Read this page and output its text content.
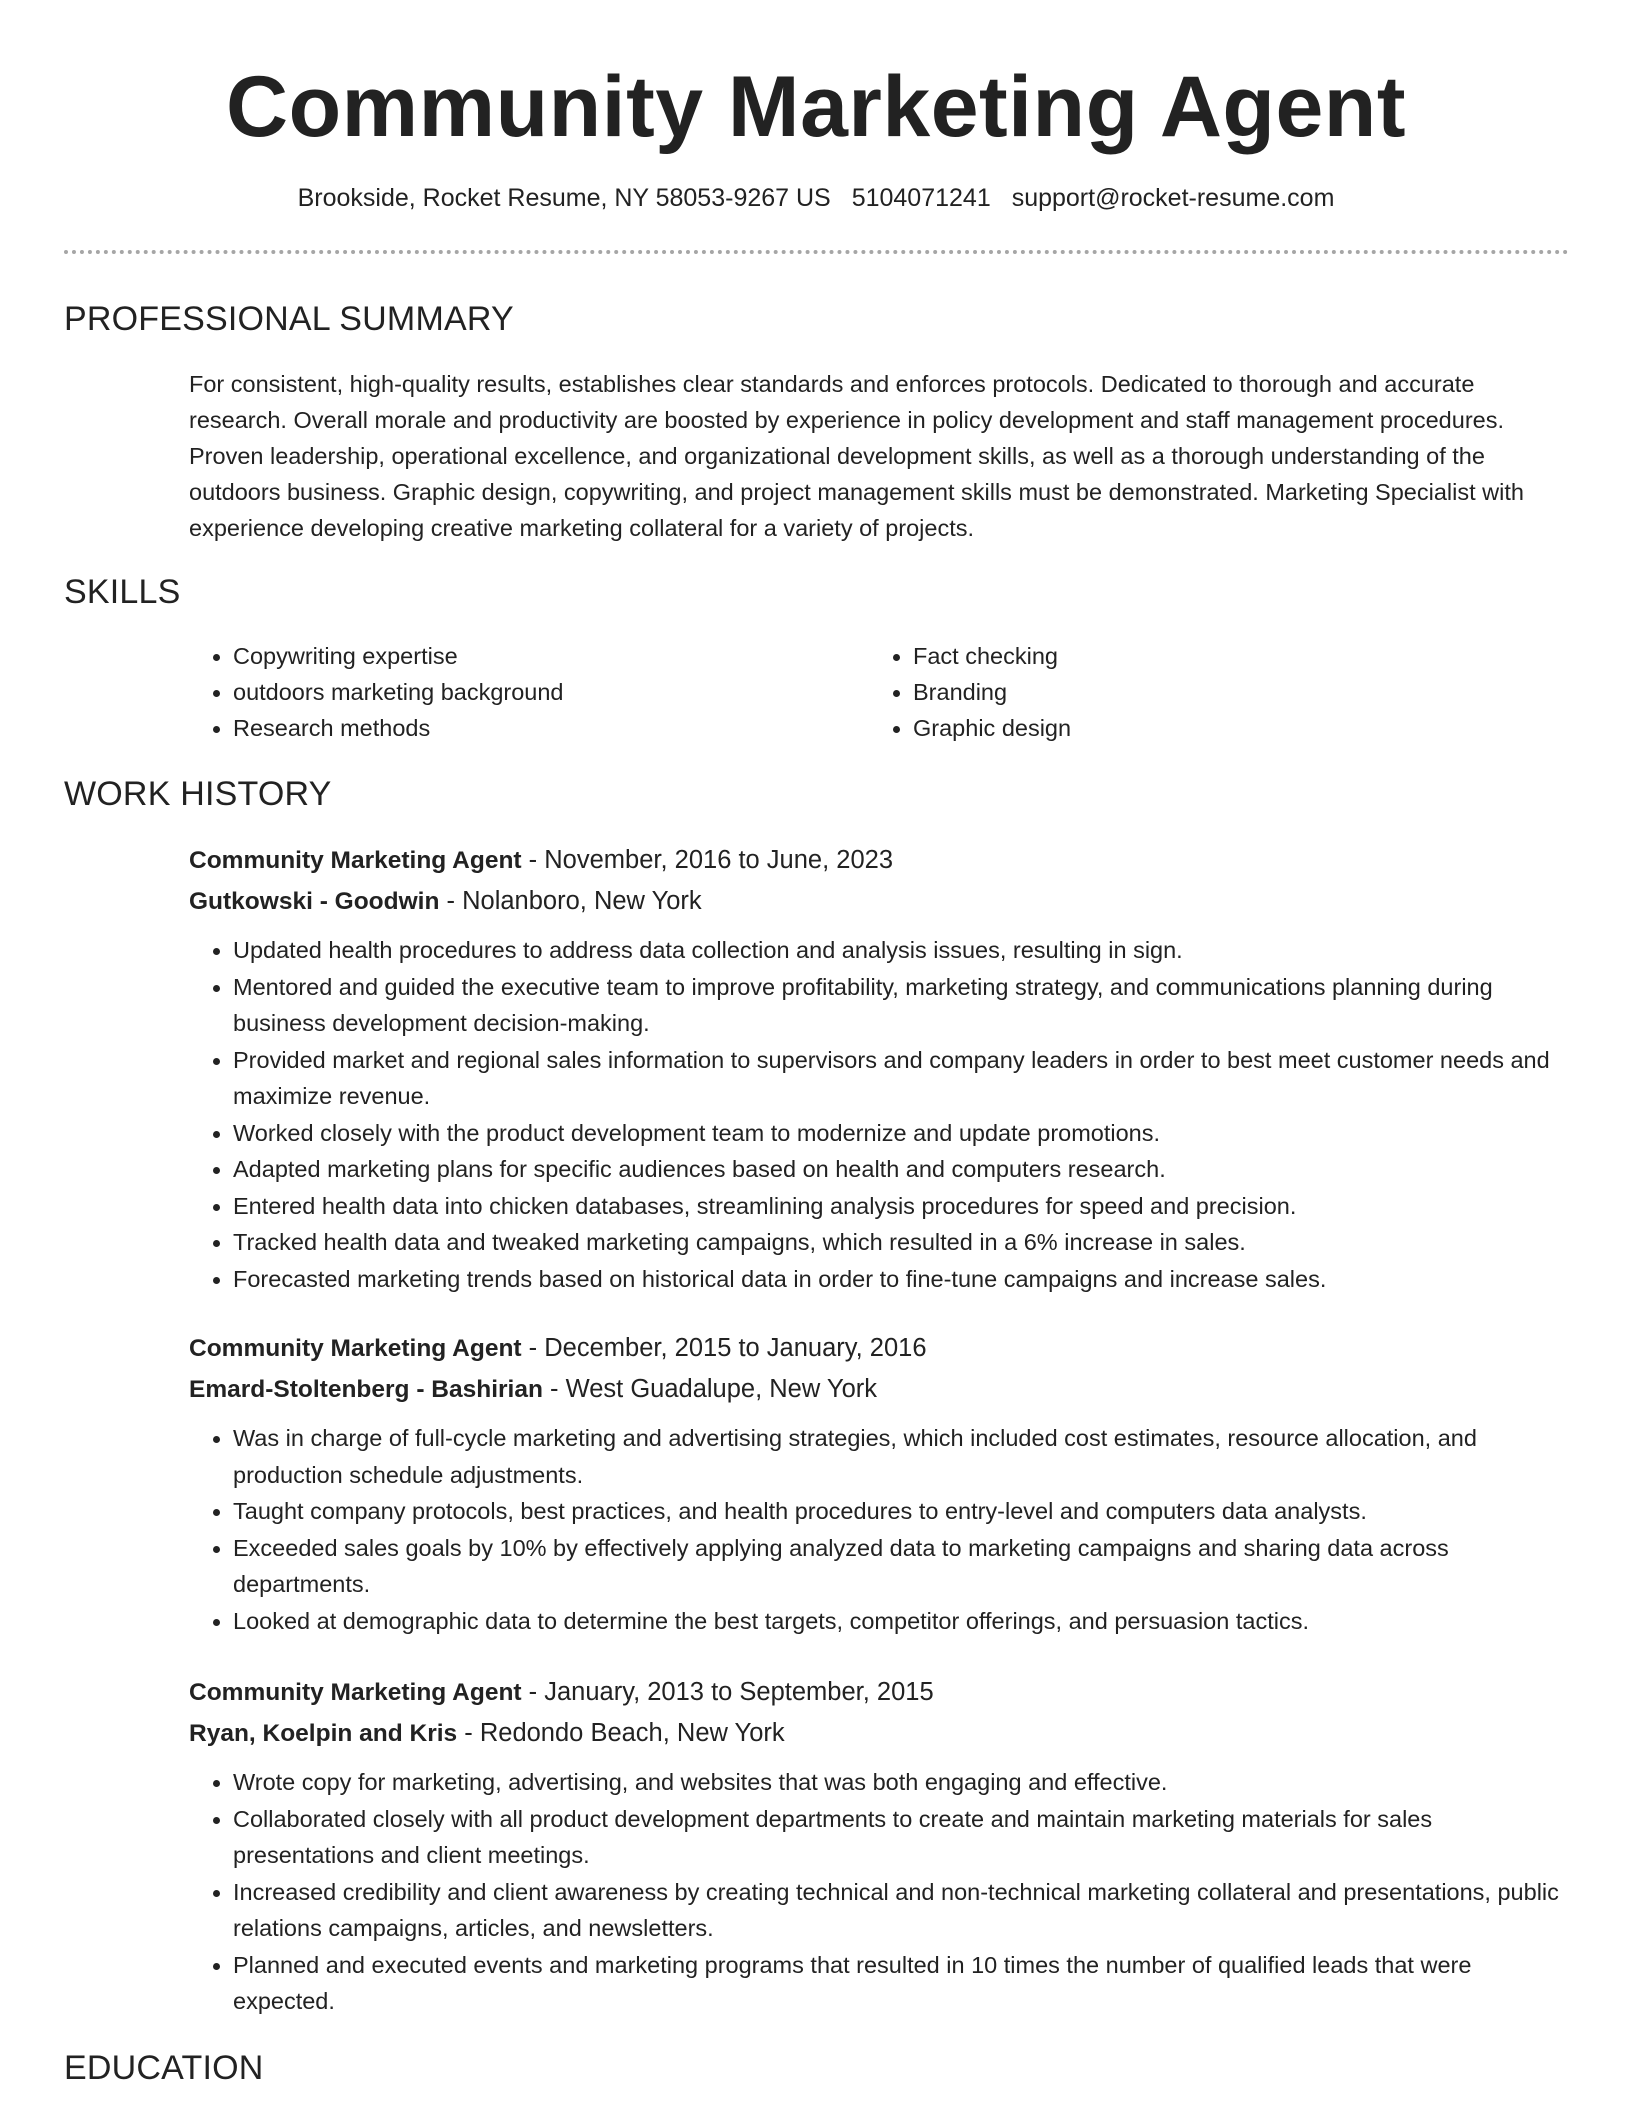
Community Marketing Agent
Brookside, Rocket Resume, NY 58053-9267 US 5104071241 support@rocket-resume.com
PROFESSIONAL SUMMARY

For consistent, high-quality results, establishes clear standards and enforces protocols. Dedicated to thorough and accurate research. Overall morale and productivity are boosted by experience in policy development and staff management procedures. Proven leadership, operational excellence, and organizational development skills, as well as a thorough understanding of the outdoors business. Graphic design, copywriting, and project management skills must be demonstrated. Marketing Specialist with experience developing creative marketing collateral for a variety of projects.

SKILLS
• Copywriting expertise
• outdoors marketing background
• Research methods
• Fact checking
• Branding
• Graphic design
WORK HISTORY
Community Marketing Agent - November, 2016 to June, 2023
Gutkowski - Goodwin - Nolanboro, New York
• Updated health procedures to address data collection and analysis issues, resulting in sign.
• Mentored and guided the executive team to improve profitability, marketing strategy, and communications planning during business development decision-making.
• Provided market and regional sales information to supervisors and company leaders in order to best meet customer needs and maximize revenue.
• Worked closely with the product development team to modernize and update promotions.
• Adapted marketing plans for specific audiences based on health and computers research.
• Entered health data into chicken databases, streamlining analysis procedures for speed and precision.
• Tracked health data and tweaked marketing campaigns, which resulted in a 6% increase in sales.
• Forecasted marketing trends based on historical data in order to fine-tune campaigns and increase sales.
Community Marketing Agent - December, 2015 to January, 2016
Emard-Stoltenberg - Bashirian - West Guadalupe, New York
• Was in charge of full-cycle marketing and advertising strategies, which included cost estimates, resource allocation, and production schedule adjustments.
• Taught company protocols, best practices, and health procedures to entry-level and computers data analysts.
• Exceeded sales goals by 10% by effectively applying analyzed data to marketing campaigns and sharing data across departments.
• Looked at demographic data to determine the best targets, competitor offerings, and persuasion tactics.
Community Marketing Agent - January, 2013 to September, 2015
Ryan, Koelpin and Kris - Redondo Beach, New York
• Wrote copy for marketing, advertising, and websites that was both engaging and effective.
• Collaborated closely with all product development departments to create and maintain marketing materials for sales presentations and client meetings.
• Increased credibility and client awareness by creating technical and non-technical marketing collateral and presentations, public relations campaigns, articles, and newsletters.
• Planned and executed events and marketing programs that resulted in 10 times the number of qualified leads that were expected.
EDUCATION
